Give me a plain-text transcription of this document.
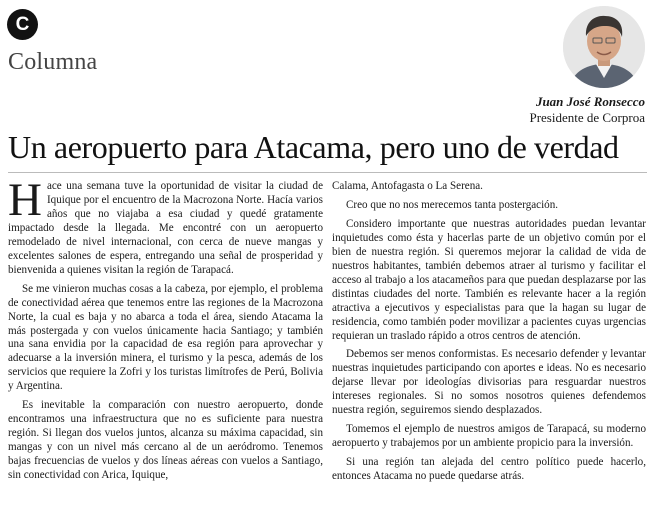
C
Columna
Juan José Ronsecco
Presidente de Corproa
Un aeropuerto para Atacama, pero uno de verdad

Hace una semana tuve la oportunidad de visitar la ciudad de Iquique por el encuentro de la Macrozona Norte. Hacía varios años que no viajaba a esa ciudad y quedé gratamente impactado desde la llegada. Me encontré con un aeropuerto remodelado de nivel internacional, con cerca de nueve mangas y excelentes salones de espera, entregando una señal de prosperidad y bienvenida a quienes visitan la región de Tarapacá.

Se me vinieron muchas cosas a la cabeza, por ejemplo, el problema de conectividad aérea que tenemos entre las regiones de la Macrozona Norte, la cual es baja y no abarca a toda el área, siendo Atacama la más postergada y con vuelos únicamente hacia Santiago; y también una sana envidia por la capacidad de esa región para aprovechar y adecuarse a la inversión minera, el turismo y la pesca, además de los servicios que requiere la Zofri y los turistas limítrofes de Perú, Bolivia y Argentina.

Es inevitable la comparación con nuestro aeropuerto, donde encontramos una infraestructura que no es suficiente para nuestra región. Si llegan dos vuelos juntos, alcanza su máxima capacidad, sin mangas y con un nivel más cercano al de un aeródromo. Tenemos bajas frecuencias de vuelos y dos líneas aéreas con vuelos a Santiago, sin conectividad con Arica, Iquique,

Calama, Antofagasta o La Serena.

Creo que no nos merecemos tanta postergación.

Considero importante que nuestras autoridades puedan levantar inquietudes como ésta y hacerlas parte de un objetivo común por el bien de nuestra región. Si queremos mejorar la calidad de vida de nuestros habitantes, también debemos atraer al turismo y facilitar el acceso al trabajo a los atacameños para que puedan desplazarse por las distintas ciudades del norte. También es relevante hacer a la región atractiva a ejecutivos y especialistas para que la hagan su lugar de residencia, como también poder movilizar a pacientes cuyas urgencias requieran un traslado rápido a otros centros de atención.

Debemos ser menos conformistas. Es necesario defender y levantar nuestras inquietudes participando con aportes e ideas. No es necesario dejarse llevar por ideologías divisorias para resguardar nuestros intereses regionales. Si no somos nosotros quienes defendemos nuestra región, seguiremos siendo desplazados.

Tomemos el ejemplo de nuestros amigos de Tarapacá, su moderno aeropuerto y trabajemos por un ambiente propicio para la inversión.

Si una región tan alejada del centro político puede hacerlo, entonces Atacama no puede quedarse atrás.
